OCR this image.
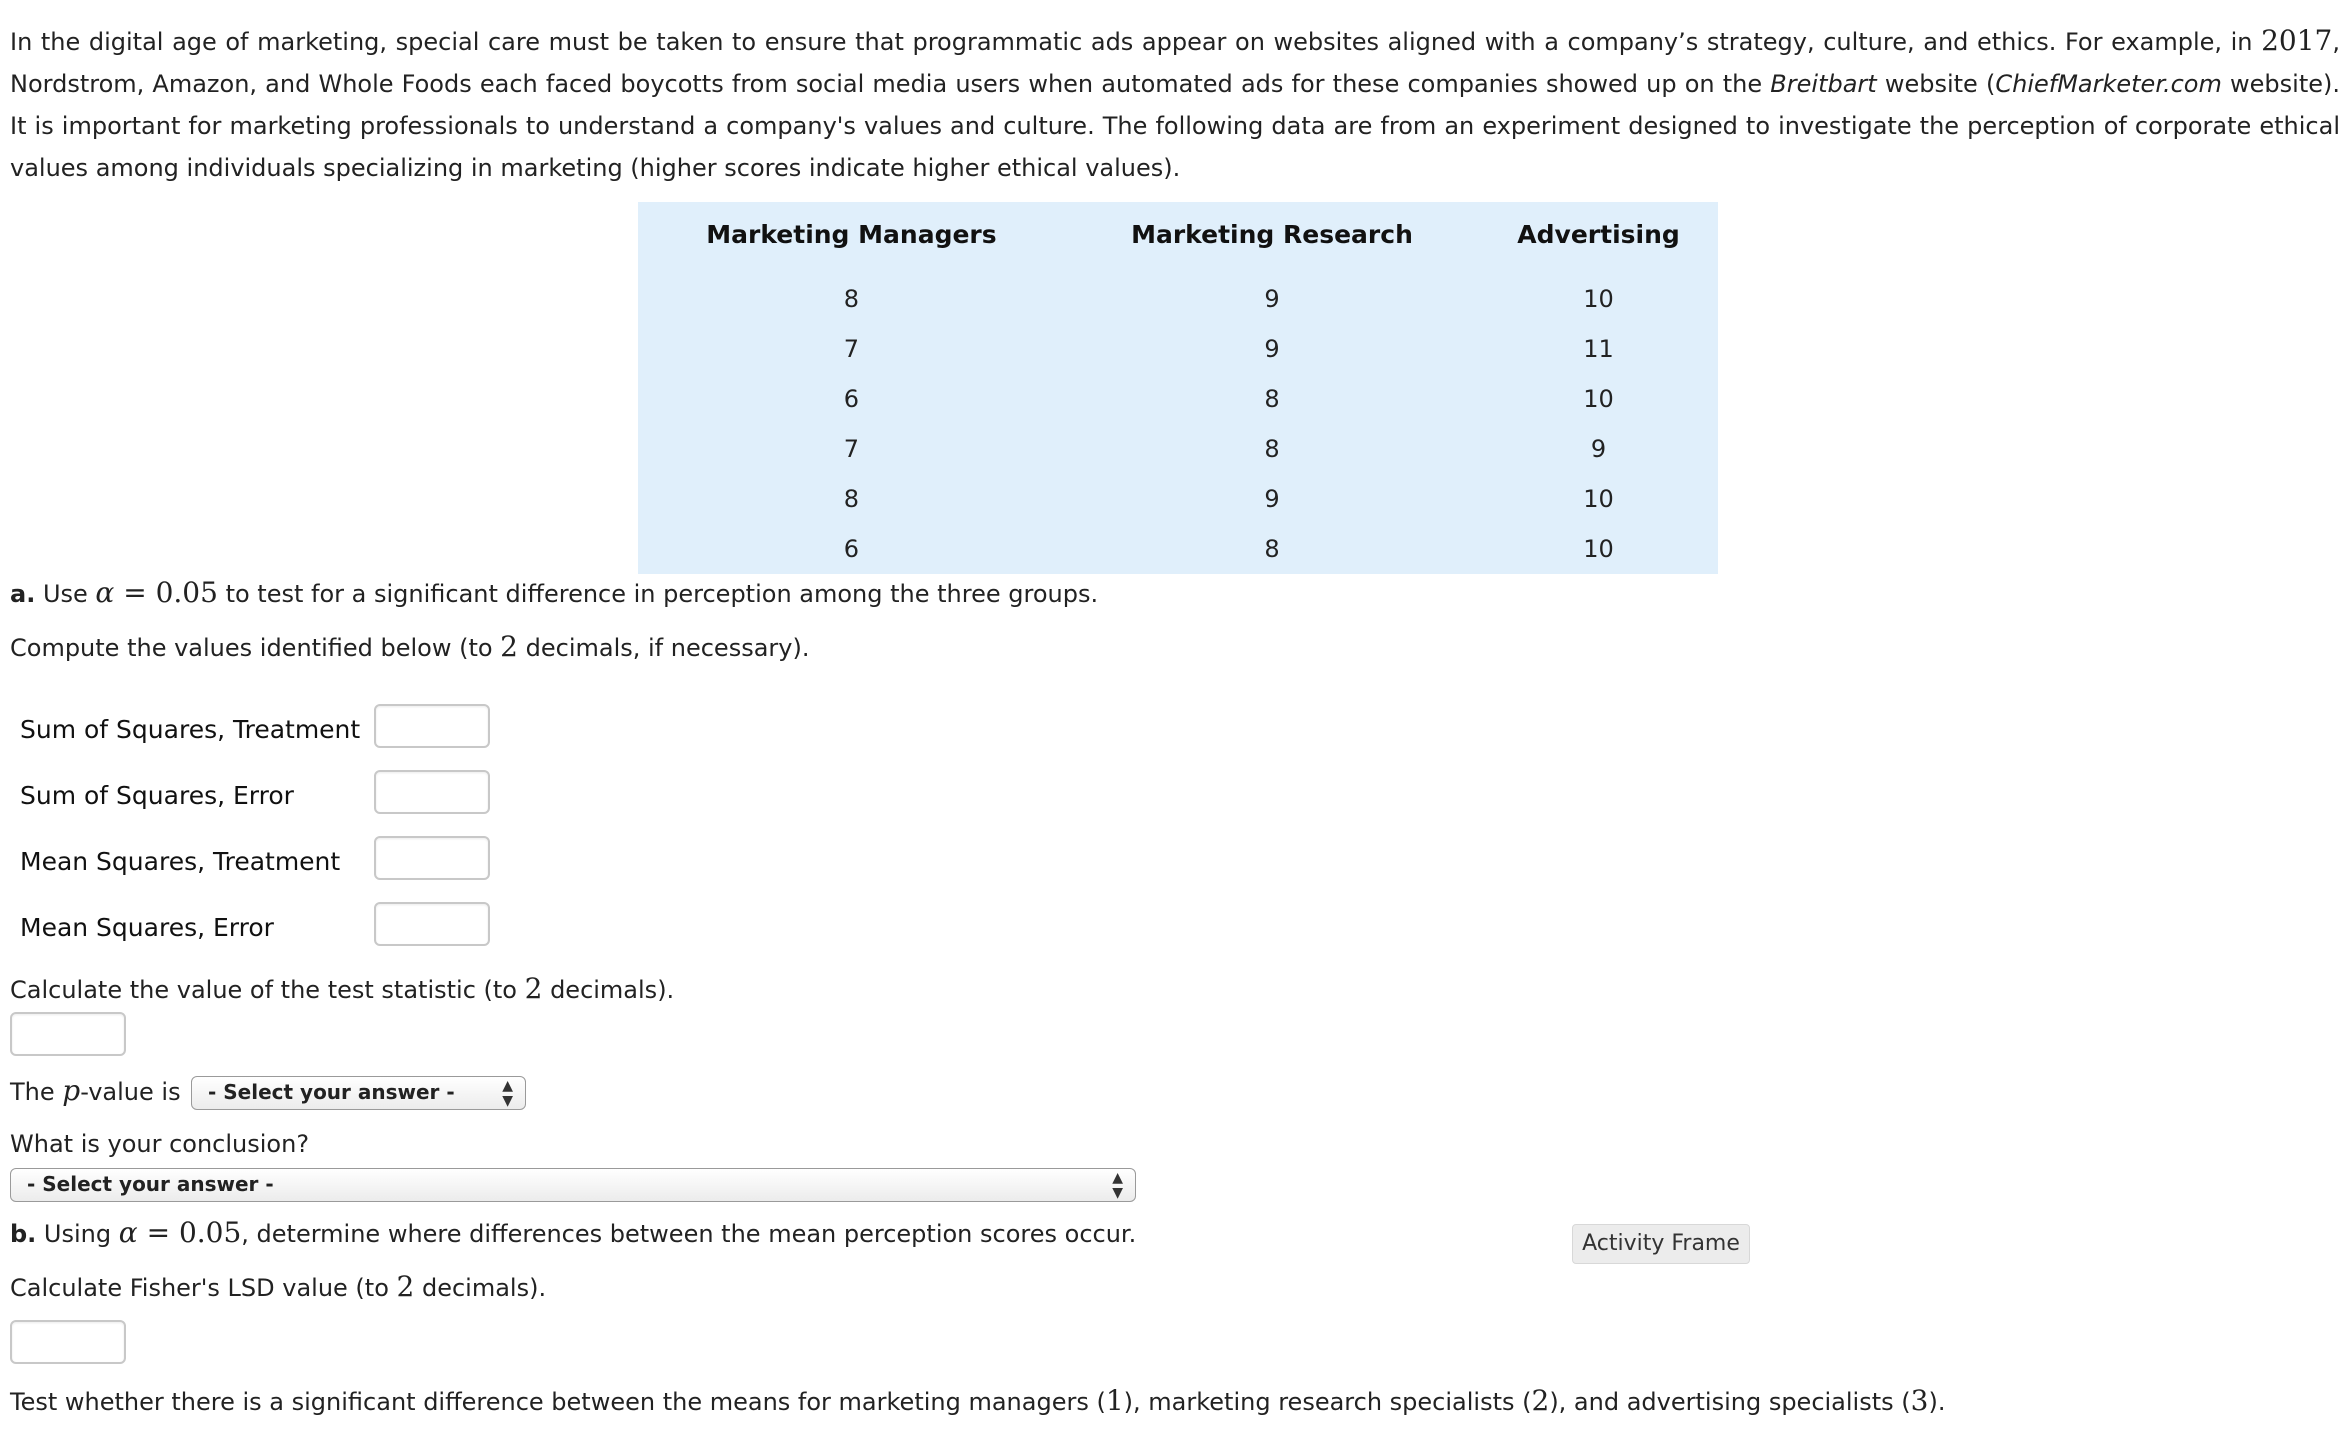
In the digital age of marketing, special care must be taken to ensure that programmatic ads appear on websites aligned with a company’s strategy, culture, and ethics. For example, in 2017, Nordstrom, Amazon, and Whole Foods each faced boycotts from social media users when automated ads for these companies showed up on the Breitbart website (ChiefMarketer.com website). It is important for marketing professionals to understand a company's values and culture. The following data are from an experiment designed to investigate the perception of corporate ethical values among individuals specializing in marketing (higher scores indicate higher ethical values).
Marketing Managers	Marketing Research	Advertising

8	9	10
7	9	11
6	8	10
7	8	9
8	9	10
6	8	10
a. Use α = 0.05 to test for a significant difference in perception among the three groups.
Compute the values identified below (to 2 decimals, if necessary).
Sum of Squares, Treatment
Sum of Squares, Error
Mean Squares, Treatment
Mean Squares, Error
Calculate the value of the test statistic (to 2 decimals).
The p-value is	- Select your answer -	▲
▼
What is your conclusion?
- Select your answer -	▲
▼
b. Using α = 0.05, determine where differences between the mean perception scores occur.	Activity Frame
Calculate Fisher's LSD value (to 2 decimals).
Test whether there is a significant difference between the means for marketing managers (1), marketing research specialists (2), and advertising specialists (3).
